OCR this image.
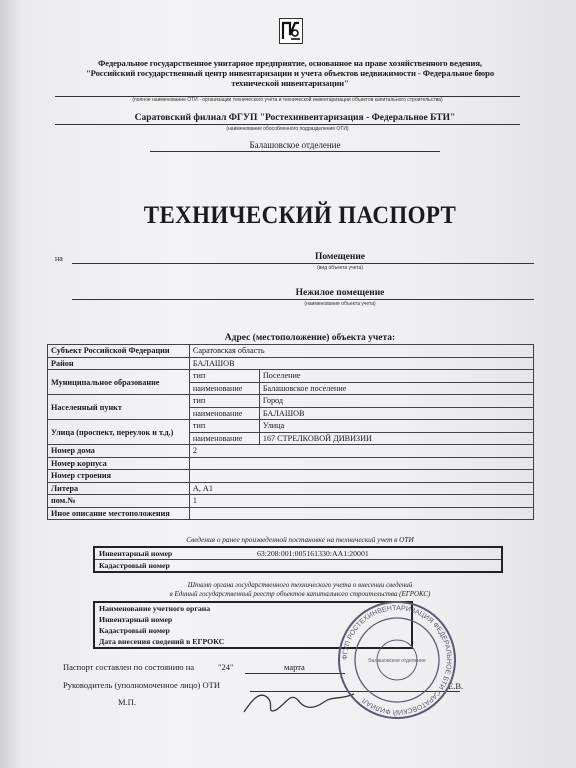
Федеральное государственное унитарное предприятие, основанное на праве хозяйственного ведения,
"Российский государственный центр инвентаризации и учета объектов недвижимости - Федеральное бюро
технической инвентаризации"
(полное наименование ОТИ - организации технического учета и технической инвентаризации объектов капитального строительства)
Саратовский филиал ФГУП "Ростехинвентаризация - Федеральное БТИ"
(наименование обособленного подразделения ОТИ)
Балашовское отделение
ТЕХНИЧЕСКИЙ ПАСПОРТ
на	Помещение
(вид объекта учета)
Нежилое помещение
(наименование объекта учета)
Адрес (местоположение) объекта учета:
Субъект Российской Федерации	Саратовская область	
Район	БАЛАШОВ	
Муниципальное образование	тип	Поселение
	наименование	Балашовское поселение
Населенный пункт	тип	Город
	наименование	БАЛАШОВ
Улица (проспект, переулок и т.д.)	тип	Улица
	наименование	167 СТРЕЛКОВОЙ ДИВИЗИИ
Номер дома	2	
Номер корпуса		
Номер строения		
Литера	А, А1	
пом.№	1	
Иное описание местоположения		
Сведения о ранее произведенной постановке на технический учет в ОТИ
Инвентарный номер	63:208:001:005161330:АА1:20001
Кадастровый номер	
Штамп органа государственного технического учета о внесении сведений
в Единый государственный реестр объектов капитального строительства (ЕГРОКС)
Наименование учетного органа
Инвентарный номер
Кадастровый номер
Дата внесения сведений в ЕГРОКС
Паспорт составлен по состоянию на	"24"	марта
Руководитель (уполномоченное лицо) ОТИ	Е.В.
М.П.
ФГУП РОСТЕХИНВЕНТАРИЗАЦИЯ ФЕДЕРАЛЬНОЕ БТИ САРАТОВСКИЙ ФИЛИАЛ
Балашовское отделение
